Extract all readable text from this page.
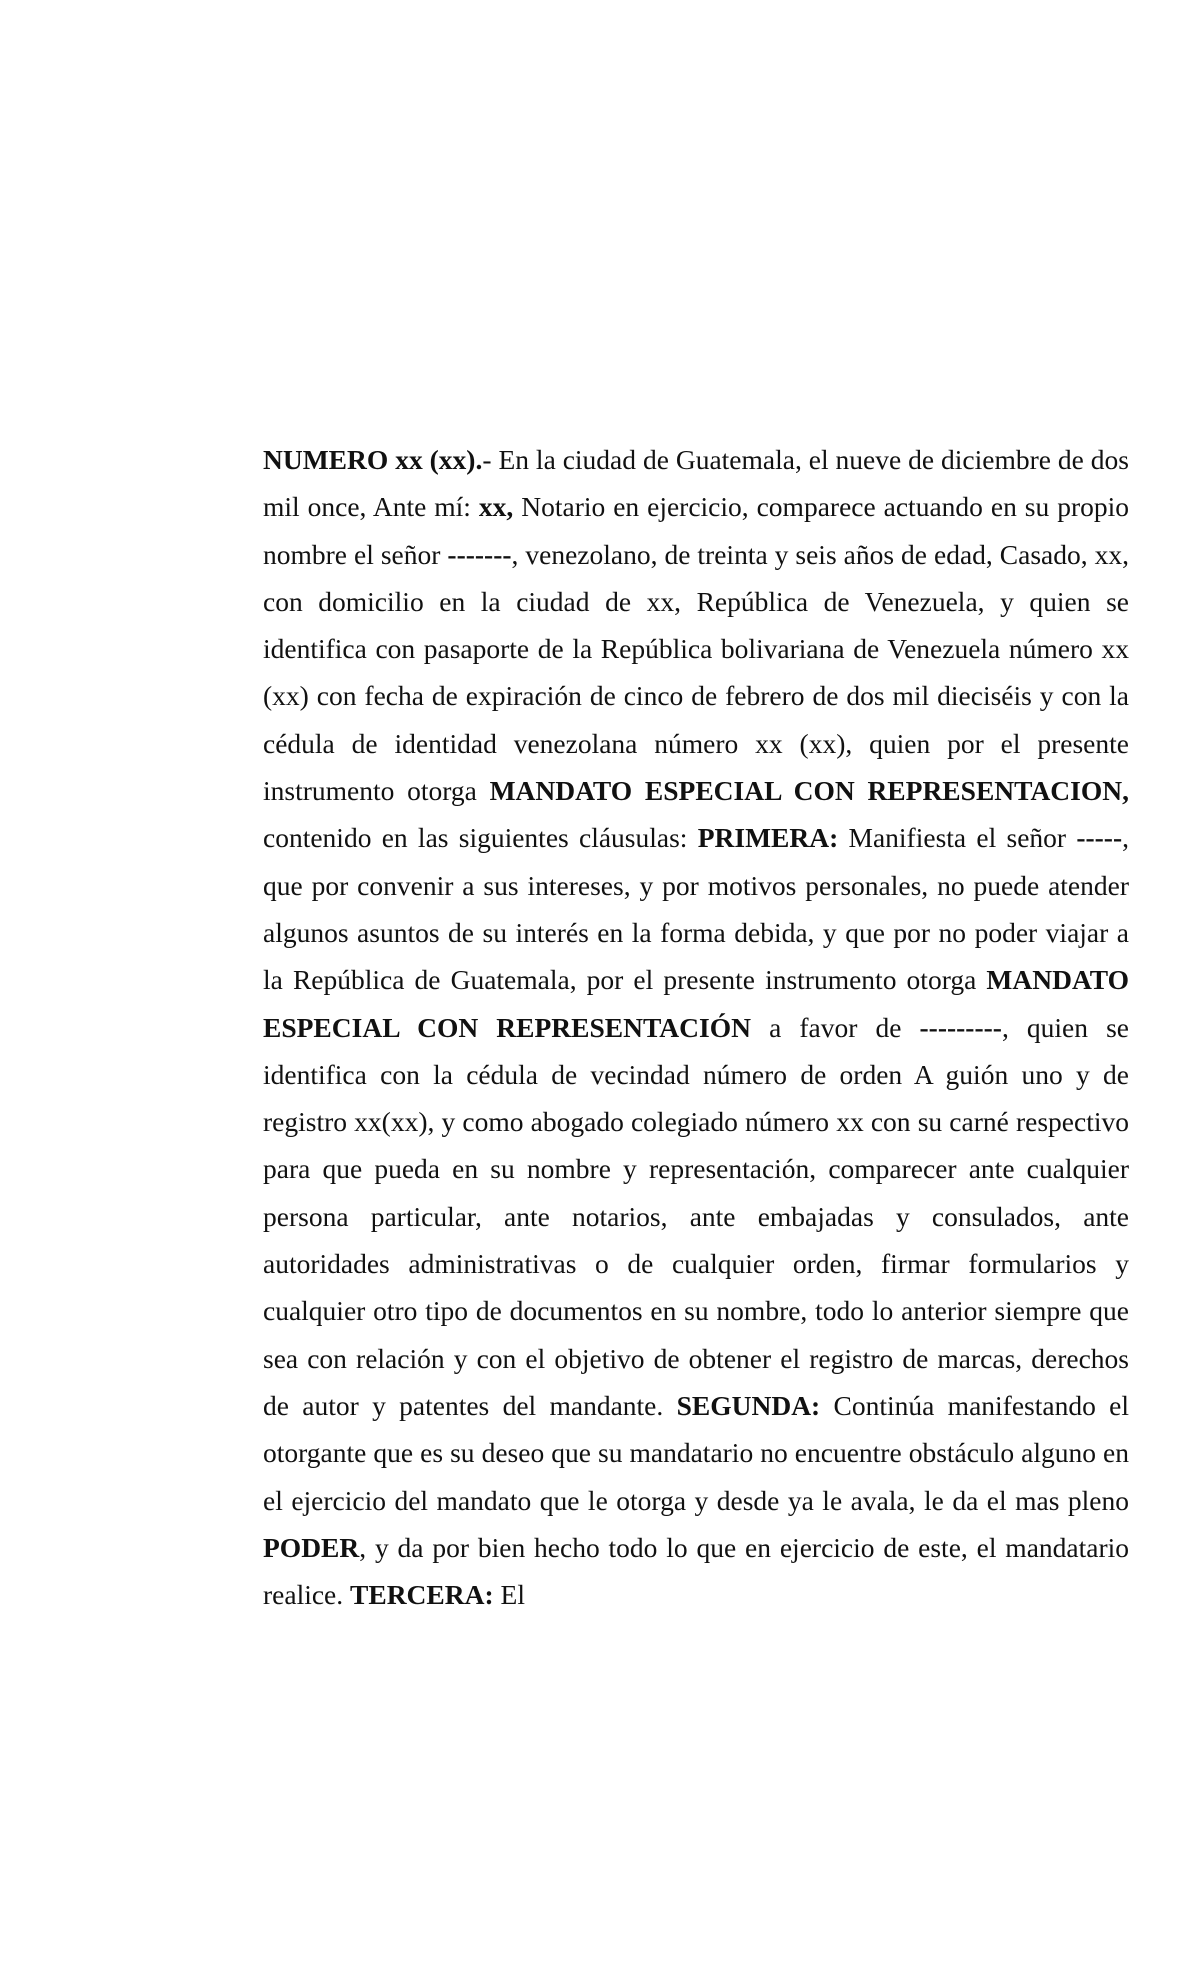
NUMERO xx (xx).- En la ciudad de Guatemala, el nueve de diciembre de dos mil once, Ante mí: xx, Notario en ejercicio, comparece actuando en su propio nombre el señor -------, venezolano, de treinta y seis años de edad, Casado, xx, con domicilio en la ciudad de xx, República de Venezuela, y quien se identifica con pasaporte de la República bolivariana de Venezuela número xx (xx) con fecha de expiración de cinco de febrero de dos mil dieciséis y con la cédula de identidad venezolana número xx (xx), quien por el presente instrumento otorga MANDATO ESPECIAL CON REPRESENTACION, contenido en las siguientes cláusulas: PRIMERA: Manifiesta el señor -----, que por convenir a sus intereses, y por motivos personales, no puede atender algunos asuntos de su interés en la forma debida, y que por no poder viajar a la República de Guatemala, por el presente instrumento otorga MANDATO ESPECIAL CON REPRESENTACIÓN a favor de ---------, quien se identifica con la cédula de vecindad número de orden A guión uno y de registro xx(xx), y como abogado colegiado número xx con su carné respectivo para que pueda en su nombre y representación, comparecer ante cualquier persona particular, ante notarios, ante embajadas y consulados, ante autoridades administrativas o de cualquier orden, firmar formularios y cualquier otro tipo de documentos en su nombre, todo lo anterior siempre que sea con relación y con el objetivo de obtener el registro de marcas, derechos de autor y patentes del mandante. SEGUNDA: Continúa manifestando el otorgante que es su deseo que su mandatario no encuentre obstáculo alguno en el ejercicio del mandato que le otorga y desde ya le avala, le da el mas pleno PODER, y da por bien hecho todo lo que en ejercicio de este, el mandatario realice. TERCERA: El
